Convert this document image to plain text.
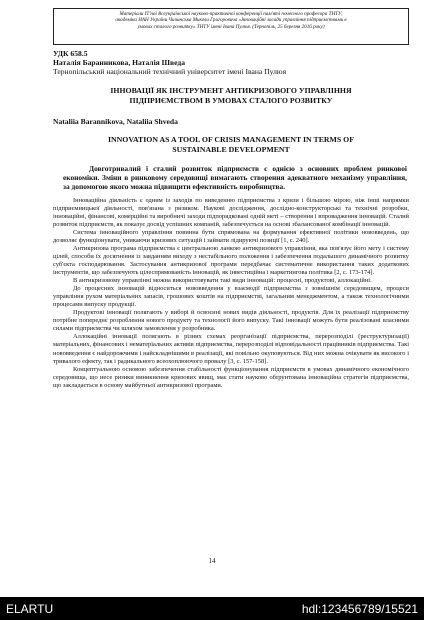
Матеріали ІТ'ної Всеукраїнської науково-практичної конференції пам'яті почесного професора ТНТУ,
академіка НАН України Чичинська Миколи Григоровича «Інноваційні засади управління підприємствами в
умовах сталого розвитку» ТНТУ імені Івана Пулюя. (Тернопіль, 25 березня 2016 року)
УДК 658.5
Наталія Баранникова, Наталія Шведа
Тернопільський національний технічний університет імені Івана Пулюя
ІННОВАЦІЇ ЯК ІНСТРУМЕНТ АНТИКРИЗОВОГО УПРАВЛІННЯ ПІДПРИЄМСТВОМ В УМОВАХ СТАЛОГО РОЗВИТКУ
Nataliia Barannikova, Nataliia Shveda
INNOVATION AS A TOOL OF CRISIS MANAGEMENT IN TERMS OF SUSTAINABLE DEVELOPMENT
Довготривалий і сталий розвиток підприємств є однією з основних проблем ринкової економіки. Зміни в ринковому середовищі вимагають створення адекватного механізму управління, за допомогою якого можна підвищити ефективність виробництва.

Інноваційна діяльність є одним із заходів по виведенню підприємства з кризи і більшою мірою, ніж інші напрямки підприємницької діяльності, пов'язана з ризиком. Наукові дослідження, дослідно-конструкторські та технічні розробки, інноваційні, фінансові, комерційні та виробничі заходи підпорядковані одній меті – створення і впровадження інновацій. Сталий розвиток підприємств, як показує досвід успішних компаній, забезпечується на основі збалансованої комбінації інновацій.

Система інноваційного управління повинна бути спрямована на формування ефективної політики нововведень, що дозволяє функціонувати, уникаючи кризових ситуацій і займати лідируючі позиції [1, с. 240].

Антикризова програма підприємства є центральною ланкою антикризового управління, яка пов'язує його мету і систему цілей, способи їх досягнення із завданням виходу з нестабільного положення і забезпечення подальшого динамічного розвитку суб'єкта господарювання. Застосування антикризової програми передбачає систематичне використання таких додаткових інструментів, що забезпечують цілеспрямованість інновацій, як інвестиційна і маркетингова політика [2, с. 173-174].

В антикризовому управлінні можна використовувати такі види інновацій: процесні, продуктові, аллокаційні.

До процесних інновацій відноситься нововведення у взаємодії підприємства з зовнішнім середовищем, процеси управління рухом матеріальних запасів, грошових коштів на підприємстві, загальним менеджментом, а також технологічними процесами випуску продукції.

Продуктові інновації полягають у виборі й освоєнні нових видів діяльності, продуктів. Для їх реалізації підприємству потрібне попереднє розроблення нового продукту та технології його випуску. Такі інновації можуть бути реалізовані власними силами підприємства чи шляхом замовлення у розробника.

Аллокаційні інновації полягають в різних схемах реорганізації підприємства, перерозподілі (реструктуризації) матеріальних, фінансових і нематеріальних активів підприємства, перерозподілі відповідальності працівників підприємства. Такі нововведення є найдорожчими і найскладнішими в реалізації, які повільно окуповуються. Від них можна очікувати як високого і тривалого ефекту, так і радикального всеохоплюючого провалу [3, с. 157-158].

Концептуальною основою забезпечення стабільності функціонування підприємств в умовах динамічного економічного середовища, що несе ризики виникнення кризових явищ, має стати науково обґрунтована інноваційна стратегія підприємства, що закладається в основу майбутньої антикризової програми.

14
ELARTU	hdl:123456789/15521
